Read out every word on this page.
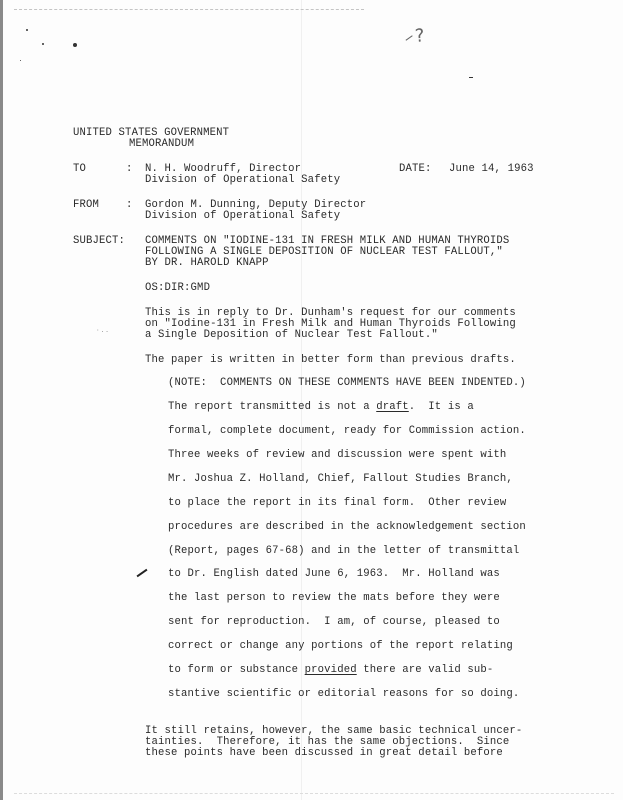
?
·..
UNITED STATES GOVERNMENT
MEMORANDUM
TO	: N. H. Woodruff, Director
Division of Operational Safety
DATE: June 14, 1963
FROM	: Gordon M. Dunning, Deputy Director
Division of Operational Safety
SUBJECT: COMMENTS ON "IODINE-131 IN FRESH MILK AND HUMAN THYROIDS
FOLLOWING A SINGLE DEPOSITION OF NUCLEAR TEST FALLOUT,"
BY DR. HAROLD KNAPP
OS:DIR:GMD
This is in reply to Dr. Dunham's request for our comments
on "Iodine-131 in Fresh Milk and Human Thyroids Following
a Single Deposition of Nuclear Test Fallout."
The paper is written in better form than previous drafts.
(NOTE:  COMMENTS ON THESE COMMENTS HAVE BEEN INDENTED.)
The report transmitted is not a draft.  It is a
formal, complete document, ready for Commission action.
Three weeks of review and discussion were spent with
Mr. Joshua Z. Holland, Chief, Fallout Studies Branch,
to place the report in its final form.  Other review
procedures are described in the acknowledgement section
(Report, pages 67-68) and in the letter of transmittal
to Dr. English dated June 6, 1963.  Mr. Holland was
the last person to review the mats before they were
sent for reproduction.  I am, of course, pleased to
correct or change any portions of the report relating
to form or substance provided there are valid sub-
stantive scientific or editorial reasons for so doing.
It still retains, however, the same basic technical uncer-
tainties.  Therefore, it has the same objections.  Since
these points have been discussed in great detail before
